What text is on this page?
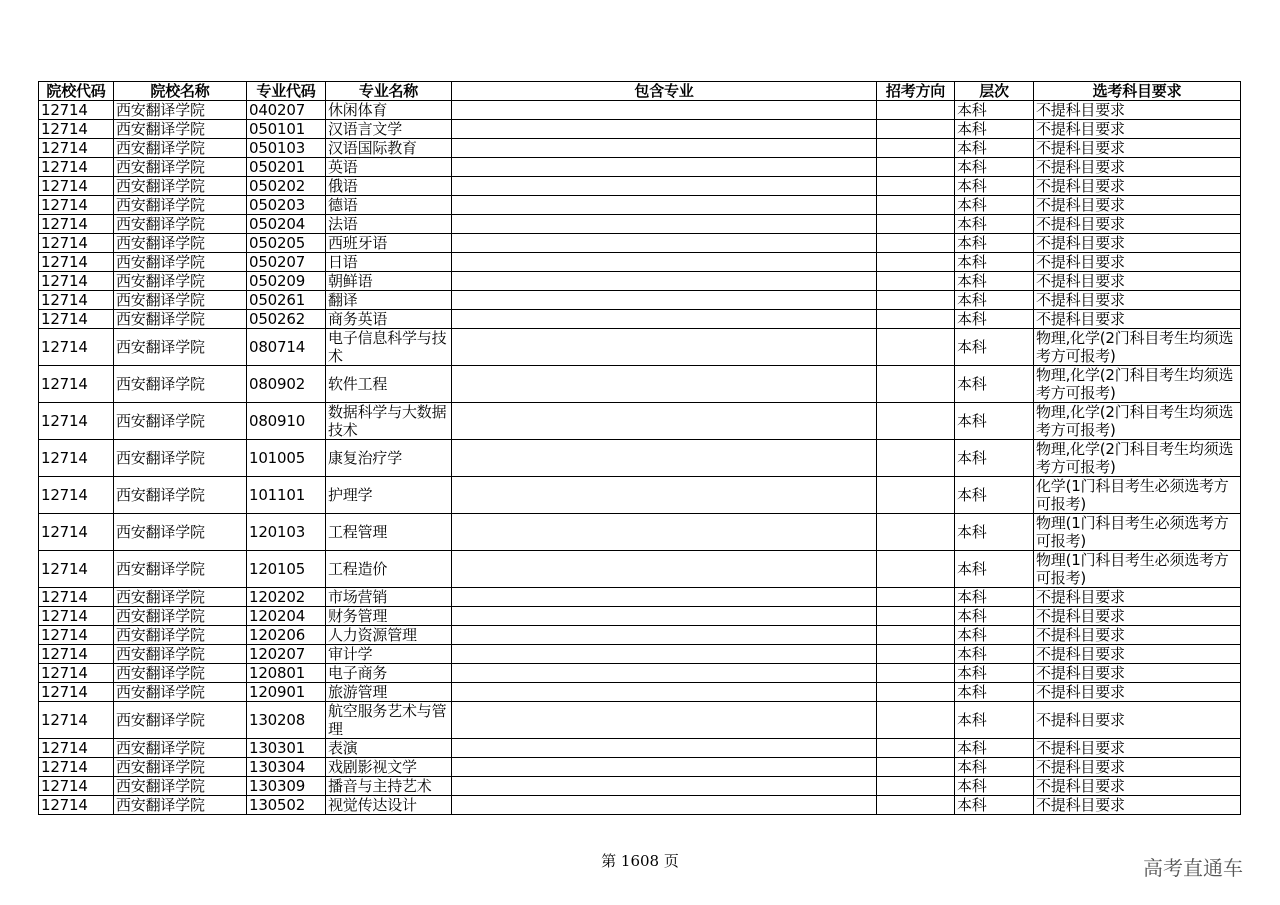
院校代码	院校名称	专业代码	专业名称	包含专业	招考方向	层次	选考科目要求
12714	西安翻译学院	040207	休闲体育			本科	不提科目要求
12714	西安翻译学院	050101	汉语言文学			本科	不提科目要求
12714	西安翻译学院	050103	汉语国际教育			本科	不提科目要求
12714	西安翻译学院	050201	英语			本科	不提科目要求
12714	西安翻译学院	050202	俄语			本科	不提科目要求
12714	西安翻译学院	050203	德语			本科	不提科目要求
12714	西安翻译学院	050204	法语			本科	不提科目要求
12714	西安翻译学院	050205	西班牙语			本科	不提科目要求
12714	西安翻译学院	050207	日语			本科	不提科目要求
12714	西安翻译学院	050209	朝鲜语			本科	不提科目要求
12714	西安翻译学院	050261	翻译			本科	不提科目要求
12714	西安翻译学院	050262	商务英语			本科	不提科目要求
12714	西安翻译学院	080714	电子信息科学与技术			本科	物理,化学(2门科目考生均须选考方可报考)
12714	西安翻译学院	080902	软件工程			本科	物理,化学(2门科目考生均须选考方可报考)
12714	西安翻译学院	080910	数据科学与大数据技术			本科	物理,化学(2门科目考生均须选考方可报考)
12714	西安翻译学院	101005	康复治疗学			本科	物理,化学(2门科目考生均须选考方可报考)
12714	西安翻译学院	101101	护理学			本科	化学(1门科目考生必须选考方可报考)
12714	西安翻译学院	120103	工程管理			本科	物理(1门科目考生必须选考方可报考)
12714	西安翻译学院	120105	工程造价			本科	物理(1门科目考生必须选考方可报考)
12714	西安翻译学院	120202	市场营销			本科	不提科目要求
12714	西安翻译学院	120204	财务管理			本科	不提科目要求
12714	西安翻译学院	120206	人力资源管理			本科	不提科目要求
12714	西安翻译学院	120207	审计学			本科	不提科目要求
12714	西安翻译学院	120801	电子商务			本科	不提科目要求
12714	西安翻译学院	120901	旅游管理			本科	不提科目要求
12714	西安翻译学院	130208	航空服务艺术与管理			本科	不提科目要求
12714	西安翻译学院	130301	表演			本科	不提科目要求
12714	西安翻译学院	130304	戏剧影视文学			本科	不提科目要求
12714	西安翻译学院	130309	播音与主持艺术			本科	不提科目要求
12714	西安翻译学院	130502	视觉传达设计			本科	不提科目要求
第 1608 页	高考直通车
